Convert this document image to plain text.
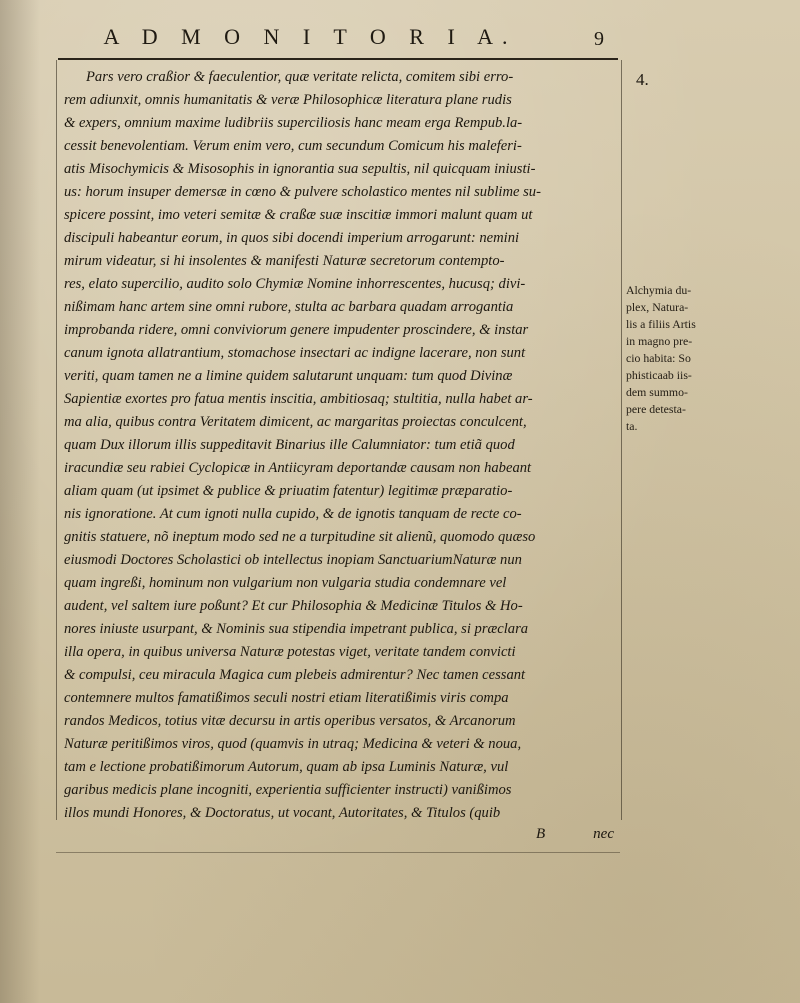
A D M O N I T O R I A.	9
4.
Pars vero craßior & faeculentior, quæ veritate relicta, comitem sibi erro-
rem adiunxit, omnis humanitatis & veræ Philosophicæ literatura plane rudis
& expers, omnium maxime ludibriis superciliosis hanc meam erga Rempub.la-
cessit benevolentiam. Verum enim vero, cum secundum Comicum his maleferi-
atis Misochymicis & Misosophis in ignorantia sua sepultis, nil quicquam iniusti-
us: horum insuper demersæ in cœno & pulvere scholastico mentes nil sublime su-
spicere possint, imo veteri semitæ & craßæ suæ inscitiæ immori malunt quam ut
discipuli habeantur eorum, in quos sibi docendi imperium arrogarunt: nemini
mirum videatur, si hi insolentes & manifesti Naturæ secretorum contempto-
res, elato supercilio, audito solo Chymiæ Nomine inhorrescentes, hucusq; divi-
nißimam hanc artem sine omni rubore, stulta ac barbara quadam arrogantia
improbanda ridere, omni conviviorum genere impudenter proscindere, & instar
canum ignota allatrantium, stomachose insectari ac indigne lacerare, non sunt
veriti, quam tamen ne a limine quidem salutarunt unquam: tum quod Divinæ
Sapientiæ exortes pro fatua mentis inscitia, ambitiosaq; stultitia, nulla habet ar-
ma alia, quibus contra Veritatem dimicent, ac margaritas proiectas conculcent,
quam Dux illorum illis suppeditavit Binarius ille Calumniator: tum etiã quod
iracundiæ seu rabiei Cyclopicæ in Antiicyram deportandæ causam non habeant
aliam quam (ut ipsimet & publice & priuatim fatentur) legitimæ præparatio-
nis ignoratione. At cum ignoti nulla cupido, & de ignotis tanquam de recte co-
gnitis statuere, nõ ineptum modo sed ne a turpitudine sit alienũ, quomodo quæso
eiusmodi Doctores Scholastici ob intellectus inopiam SanctuariumNaturæ nun
quam ingreßi, hominum non vulgarium non vulgaria studia condemnare vel
audent, vel saltem iure poßunt? Et cur Philosophia & Medicinæ Titulos & Ho-
nores iniuste usurpant, & Nominis sua stipendia impetrant publica, si præclara
illa opera, in quibus universa Naturæ potestas viget, veritate tandem convicti
& compulsi, ceu miracula Magica cum plebeis admirentur? Nec tamen cessant
contemnere multos famatißimos seculi nostri etiam literatißimis viris compa
randos Medicos, totius vitæ decursu in artis operibus versatos, & Arcanorum
Naturæ peritißimos viros, quod (quamvis in utraq; Medicina & veteri & noua,
tam e lectione probatißimorum Autorum, quam ab ipsa Luminis Naturæ, vul
garibus medicis plane incogniti, experientia sufficienter instructi) vanißimos
illos mundi Honores, & Doctoratus, ut vocant, Autoritates, & Titulos (quib
Alchymia du-
plex, Natura-
lis a filiis Artis
in magno pre-
cio habita: So
phisticaab iis-
dem summo-
pere detesta-
ta.
B	nec
